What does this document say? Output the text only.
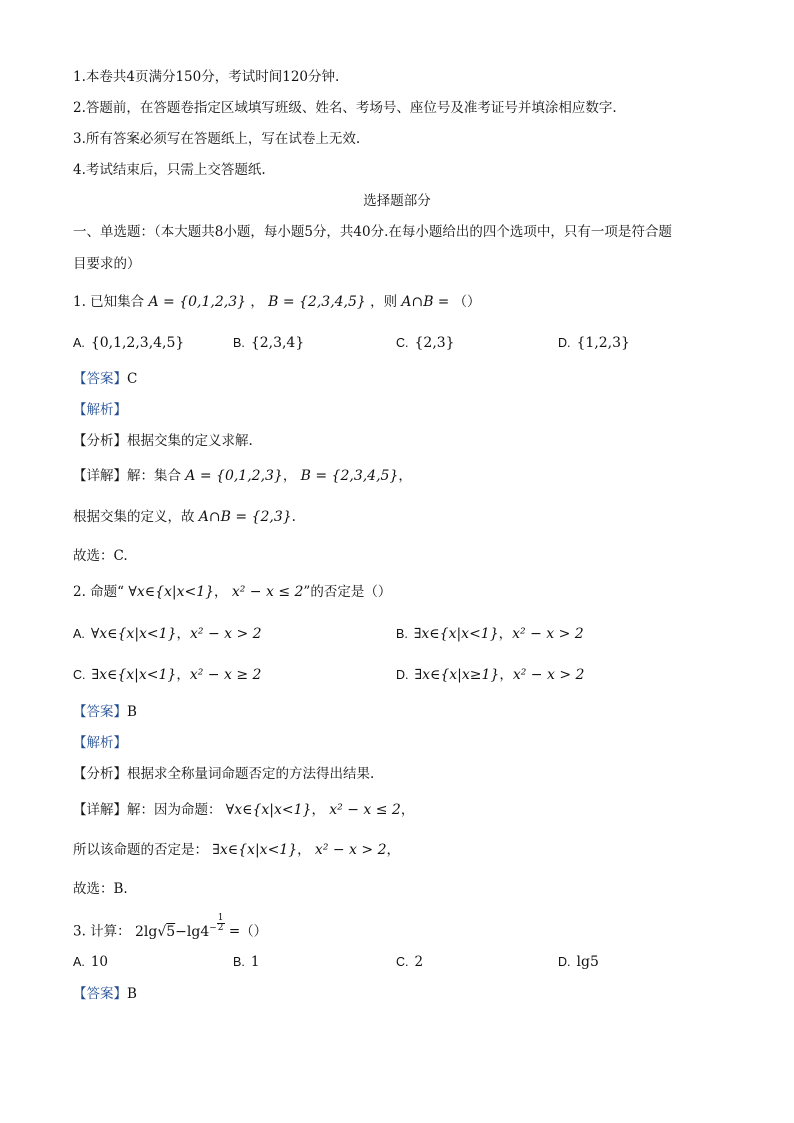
1.本卷共4页满分150分，考试时间120分钟.
2.答题前，在答题卷指定区域填写班级、姓名、考场号、座位号及准考证号并填涂相应数字.
3.所有答案必须写在答题纸上，写在试卷上无效.
4.考试结束后，只需上交答题纸.
选择题部分
一、单选题：（本大题共8小题，每小题5分，共40分.在每小题给出的四个选项中，只有一项是符合题
目要求的）
1. 已知集合 A = {0,1,2,3} ， B = {2,3,4,5} ，则 A∩B = （）
A. {0,1,2,3,4,5}	B. {2,3,4}	C. {2,3}	D. {1,2,3}
【答案】C
【解析】
【分析】根据交集的定义求解.
【详解】解：集合 A = {0,1,2,3}， B = {2,3,4,5}，
根据交集的定义，故 A∩B = {2,3}.
故选：C.
2. 命题“ ∀x∈{x|x<1}， x² − x ≤ 2”的否定是（）
A. ∀x∈{x|x<1}，x² − x > 2	B. ∃x∈{x|x<1}，x² − x > 2
C. ∃x∈{x|x<1}，x² − x ≥ 2	D. ∃x∈{x|x≥1}，x² − x > 2
【答案】B
【解析】
【分析】根据求全称量词命题否定的方法得出结果.
【详解】解：因为命题： ∀x∈{x|x<1}， x² − x ≤ 2，
所以该命题的否定是： ∃x∈{x|x<1}， x² − x > 2，
故选：B.
3. 计算： $2\lg√5-\lg 4^- \frac{1}{2}$ =（）
A. 10	B. 1	C. 2	D. lg5
【答案】B
